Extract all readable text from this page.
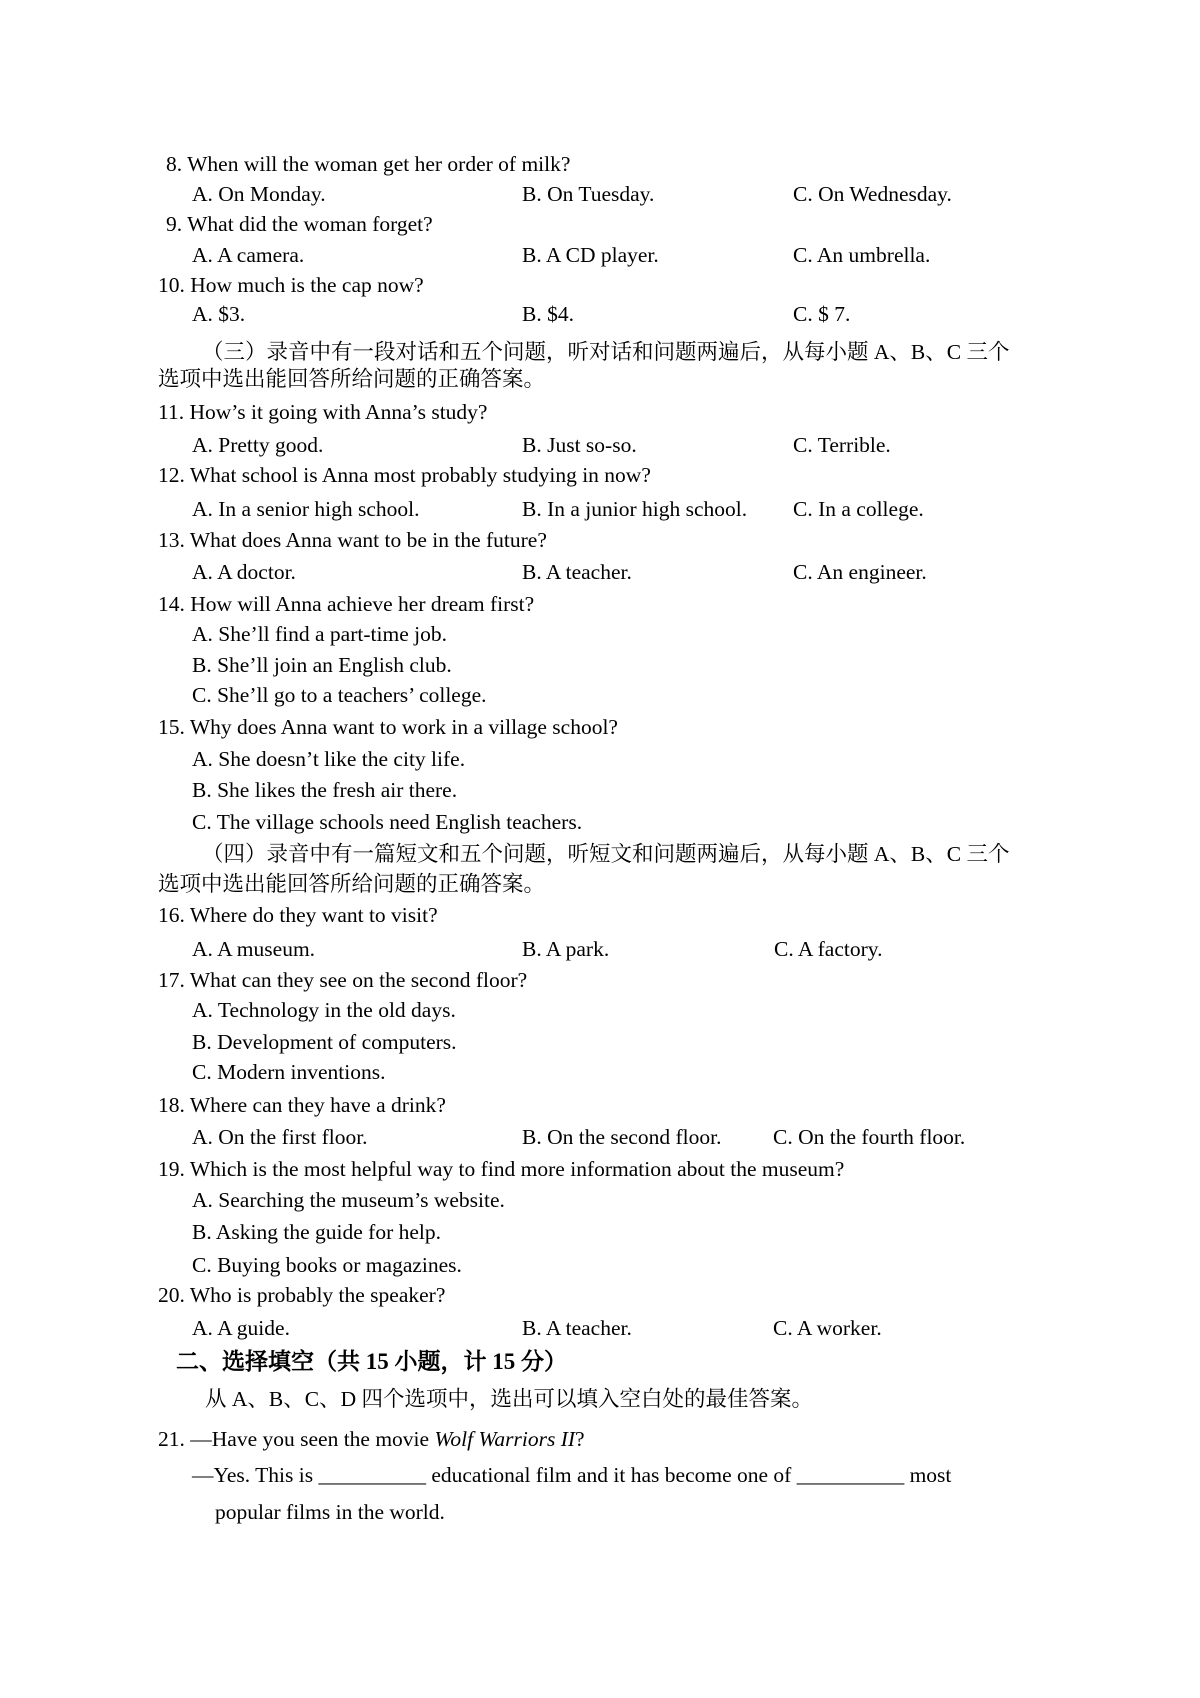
8. When will the woman get her order of milk?
A. On Monday.	B. On Tuesday.	C. On Wednesday.
9. What did the woman forget?
A. A camera.	B. A CD player.	C. An umbrella.
10. How much is the cap now?
A. $3.	B. $4.	C. $ 7.
（三）录音中有一段对话和五个问题，听对话和问题两遍后，从每小题 A、B、C 三个
选项中选出能回答所给问题的正确答案。
11. How’s it going with Anna’s study?
A. Pretty good.	B. Just so-so.	C. Terrible.
12. What school is Anna most probably studying in now?
A. In a senior high school.	B. In a junior high school. C. In a college.
13. What does Anna want to be in the future?
A. A doctor.	B. A teacher.	C. An engineer.
14. How will Anna achieve her dream first?
A. She’ll find a part-time job.
B. She’ll join an English club.
C. She’ll go to a teachers’ college.
15. Why does Anna want to work in a village school?
A. She doesn’t like the city life.
B. She likes the fresh air there.
C. The village schools need English teachers.
（四）录音中有一篇短文和五个问题，听短文和问题两遍后，从每小题 A、B、C 三个
选项中选出能回答所给问题的正确答案。
16. Where do they want to visit?
A. A museum.	B. A park.	C. A factory.
17. What can they see on the second floor?
A. Technology in the old days.
B. Development of computers.
C. Modern inventions.
18. Where can they have a drink?
A. On the first floor.	B. On the second floor. C. On the fourth floor.
19. Which is the most helpful way to find more information about the museum?
A. Searching the museum’s website.
B. Asking the guide for help.
C. Buying books or magazines.
20. Who is probably the speaker?
A. A guide.	B. A teacher.	C. A worker.
二、选择填空（共 15 小题，计 15 分）
从 A、B、C、D 四个选项中，选出可以填入空白处的最佳答案。
21. —Have you seen the movie Wolf Warriors II?
—Yes. This is __________ educational film and it has become one of __________ most
popular films in the world.
